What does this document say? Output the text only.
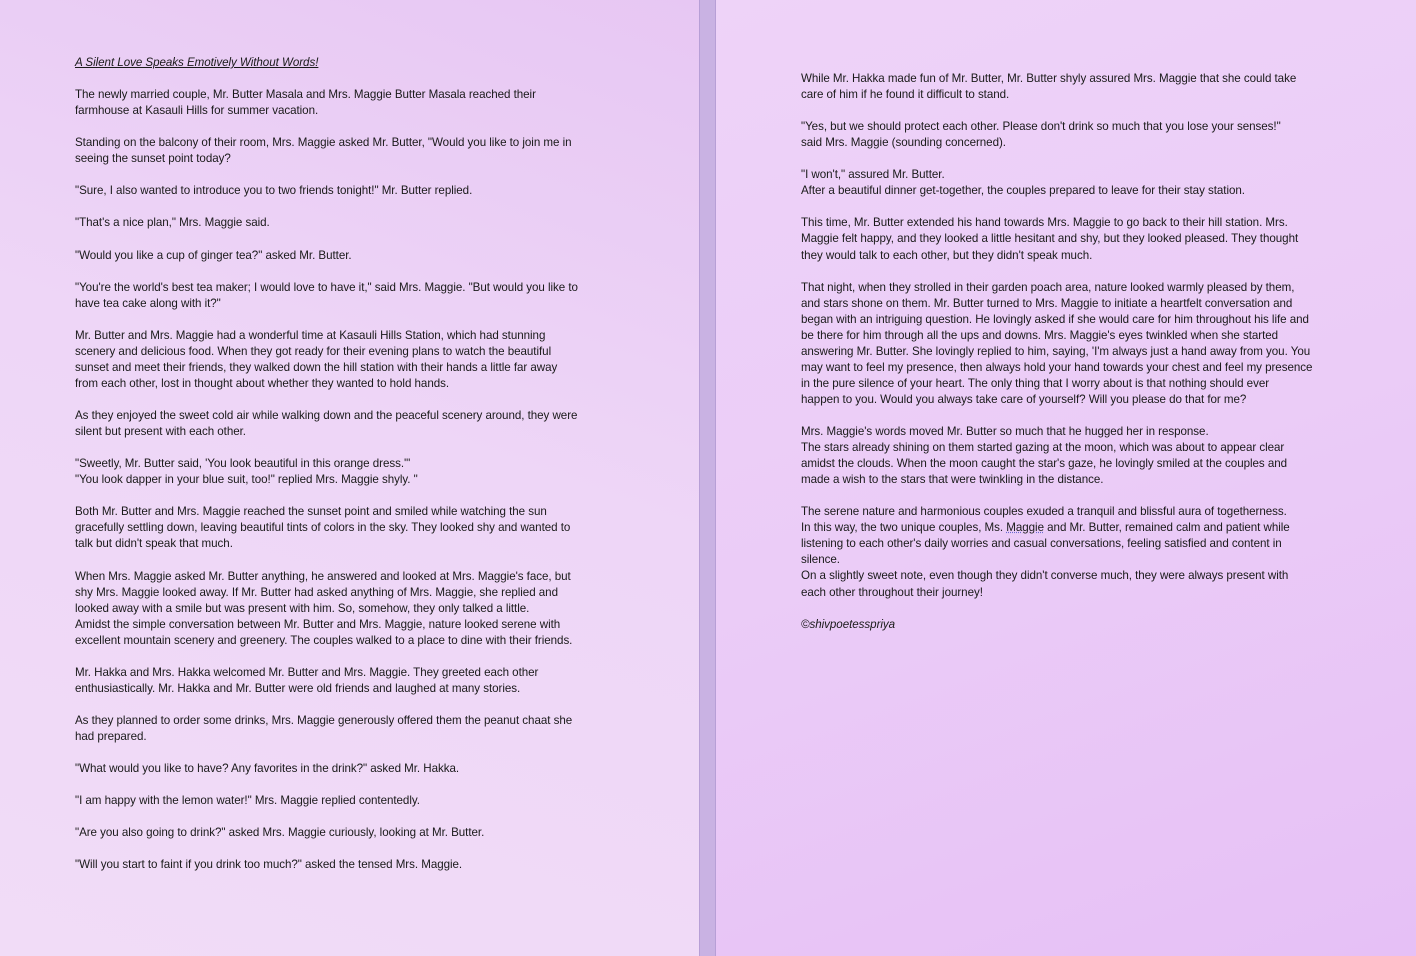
A Silent Love Speaks Emotively Without Words!

The newly married couple, Mr. Butter Masala and Mrs. Maggie Butter Masala reached their
farmhouse at Kasauli Hills for summer vacation.

Standing on the balcony of their room, Mrs. Maggie asked Mr. Butter, "Would you like to join me in
seeing the sunset point today?

"Sure, I also wanted to introduce you to two friends tonight!" Mr. Butter replied.

"That's a nice plan," Mrs. Maggie said.

"Would you like a cup of ginger tea?" asked Mr. Butter.

"You're the world's best tea maker; I would love to have it," said Mrs. Maggie. "But would you like to
have tea cake along with it?"

Mr. Butter and Mrs. Maggie had a wonderful time at Kasauli Hills Station, which had stunning
scenery and delicious food. When they got ready for their evening plans to watch the beautiful
sunset and meet their friends, they walked down the hill station with their hands a little far away
from each other, lost in thought about whether they wanted to hold hands.

As they enjoyed the sweet cold air while walking down and the peaceful scenery around, they were
silent but present with each other.

"Sweetly, Mr. Butter said, 'You look beautiful in this orange dress.'"
"You look dapper in your blue suit, too!" replied Mrs. Maggie shyly. "

Both Mr. Butter and Mrs. Maggie reached the sunset point and smiled while watching the sun
gracefully settling down, leaving beautiful tints of colors in the sky. They looked shy and wanted to
talk but didn't speak that much.

When Mrs. Maggie asked Mr. Butter anything, he answered and looked at Mrs. Maggie's face, but
shy Mrs. Maggie looked away. If Mr. Butter had asked anything of Mrs. Maggie, she replied and
looked away with a smile but was present with him. So, somehow, they only talked a little.
Amidst the simple conversation between Mr. Butter and Mrs. Maggie, nature looked serene with
excellent mountain scenery and greenery. The couples walked to a place to dine with their friends.

Mr. Hakka and Mrs. Hakka welcomed Mr. Butter and Mrs. Maggie. They greeted each other
enthusiastically. Mr. Hakka and Mr. Butter were old friends and laughed at many stories.

As they planned to order some drinks, Mrs. Maggie generously offered them the peanut chaat she
had prepared.

"What would you like to have? Any favorites in the drink?" asked Mr. Hakka.

"I am happy with the lemon water!" Mrs. Maggie replied contentedly.

"Are you also going to drink?" asked Mrs. Maggie curiously, looking at Mr. Butter.

"Will you start to faint if you drink too much?" asked the tensed Mrs. Maggie.

While Mr. Hakka made fun of Mr. Butter, Mr. Butter shyly assured Mrs. Maggie that she could take
care of him if he found it difficult to stand.

"Yes, but we should protect each other. Please don't drink so much that you lose your senses!"
said Mrs. Maggie (sounding concerned).

"I won't," assured Mr. Butter.
After a beautiful dinner get-together, the couples prepared to leave for their stay station.

This time, Mr. Butter extended his hand towards Mrs. Maggie to go back to their hill station. Mrs.
Maggie felt happy, and they looked a little hesitant and shy, but they looked pleased. They thought
they would talk to each other, but they didn't speak much.

That night, when they strolled in their garden poach area, nature looked warmly pleased by them,
and stars shone on them. Mr. Butter turned to Mrs. Maggie to initiate a heartfelt conversation and
began with an intriguing question. He lovingly asked if she would care for him throughout his life and
be there for him through all the ups and downs. Mrs. Maggie's eyes twinkled when she started
answering Mr. Butter. She lovingly replied to him, saying, 'I'm always just a hand away from you. You
may want to feel my presence, then always hold your hand towards your chest and feel my presence
in the pure silence of your heart. The only thing that I worry about is that nothing should ever
happen to you. Would you always take care of yourself? Will you please do that for me?

Mrs. Maggie's words moved Mr. Butter so much that he hugged her in response.
The stars already shining on them started gazing at the moon, which was about to appear clear
amidst the clouds. When the moon caught the star's gaze, he lovingly smiled at the couples and
made a wish to the stars that were twinkling in the distance.

The serene nature and harmonious couples exuded a tranquil and blissful aura of togetherness.
In this way, the two unique couples, Ms. Maggie and Mr. Butter, remained calm and patient while
listening to each other's daily worries and casual conversations, feeling satisfied and content in
silence.
On a slightly sweet note, even though they didn't converse much, they were always present with
each other throughout their journey!

©shivpoetesspriya
